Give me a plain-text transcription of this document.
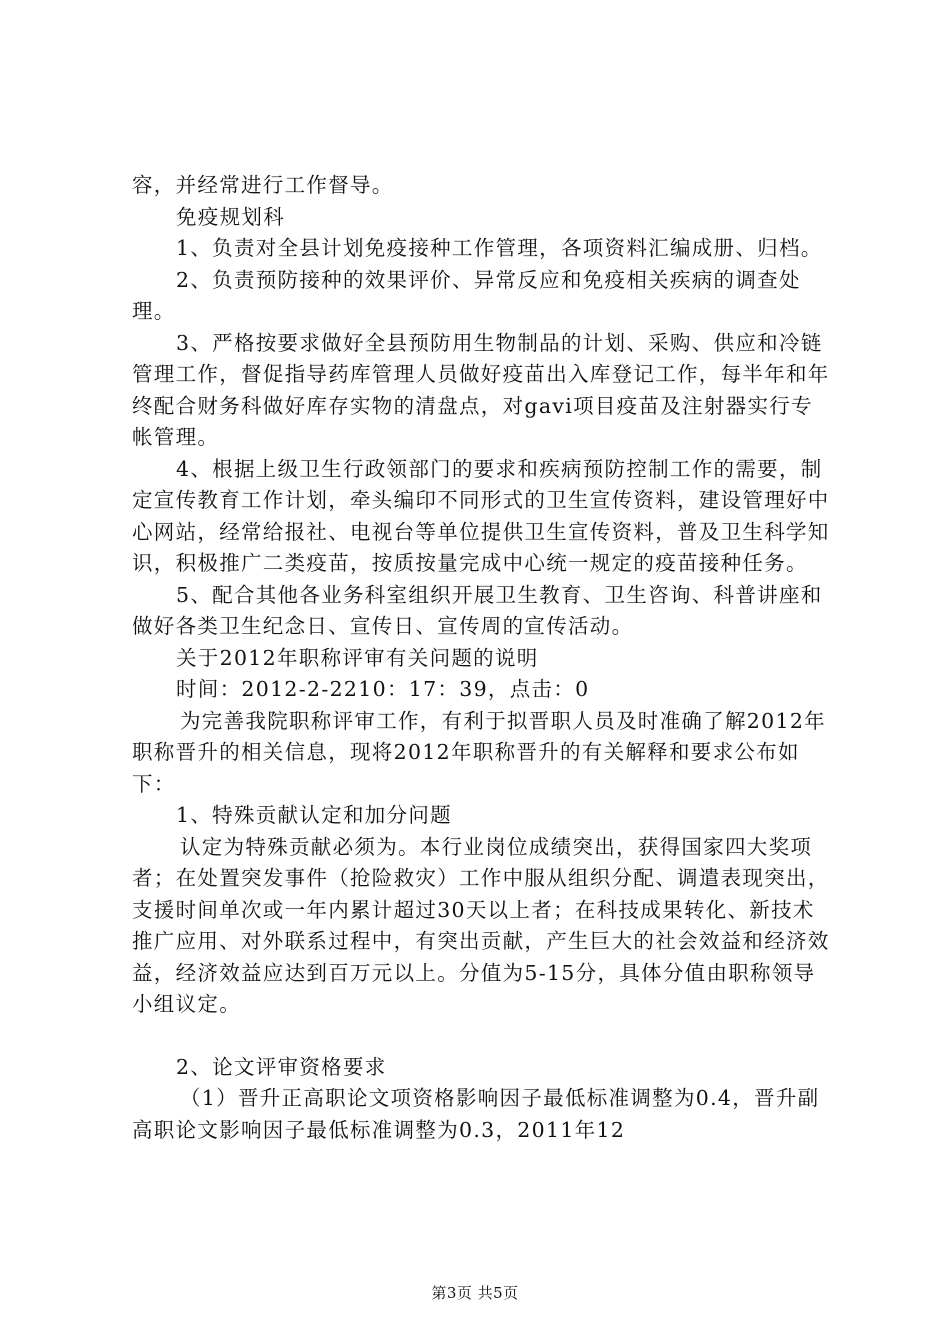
容，并经常进行工作督导。

免疫规划科

1、负责对全县计划免疫接种工作管理，各项资料汇编成册、归档。

2、负责预防接种的效果评价、异常反应和免疫相关疾病的调查处理。

3、严格按要求做好全县预防用生物制品的计划、采购、供应和冷链管理工作，督促指导药库管理人员做好疫苗出入库登记工作，每半年和年终配合财务科做好库存实物的清盘点，对gavi项目疫苗及注射器实行专帐管理。

4、根据上级卫生行政领部门的要求和疾病预防控制工作的需要，制定宣传教育工作计划，牵头编印不同形式的卫生宣传资料，建设管理好中心网站，经常给报社、电视台等单位提供卫生宣传资料，普及卫生科学知识，积极推广二类疫苗，按质按量完成中心统一规定的疫苗接种任务。

5、配合其他各业务科室组织开展卫生教育、卫生咨询、科普讲座和做好各类卫生纪念日、宣传日、宣传周的宣传活动。

关于2012年职称评审有关问题的说明

时间：2012-2-2210：17：39，点击：0

为完善我院职称评审工作，有利于拟晋职人员及时准确了解2012年职称晋升的相关信息，现将2012年职称晋升的有关解释和要求公布如下：

1、特殊贡献认定和加分问题

认定为特殊贡献必须为。本行业岗位成绩突出，获得国家四大奖项者；在处置突发事件（抢险救灾）工作中服从组织分配、调遣表现突出，支援时间单次或一年内累计超过30天以上者；在科技成果转化、新技术推广应用、对外联系过程中，有突出贡献，产生巨大的社会效益和经济效益，经济效益应达到百万元以上。分值为5-15分，具体分值由职称领导小组议定。

2、论文评审资格要求

（1）晋升正高职论文项资格影响因子最低标准调整为0.4，晋升副高职论文影响因子最低标准调整为0.3，2011年12

第3页 共5页
